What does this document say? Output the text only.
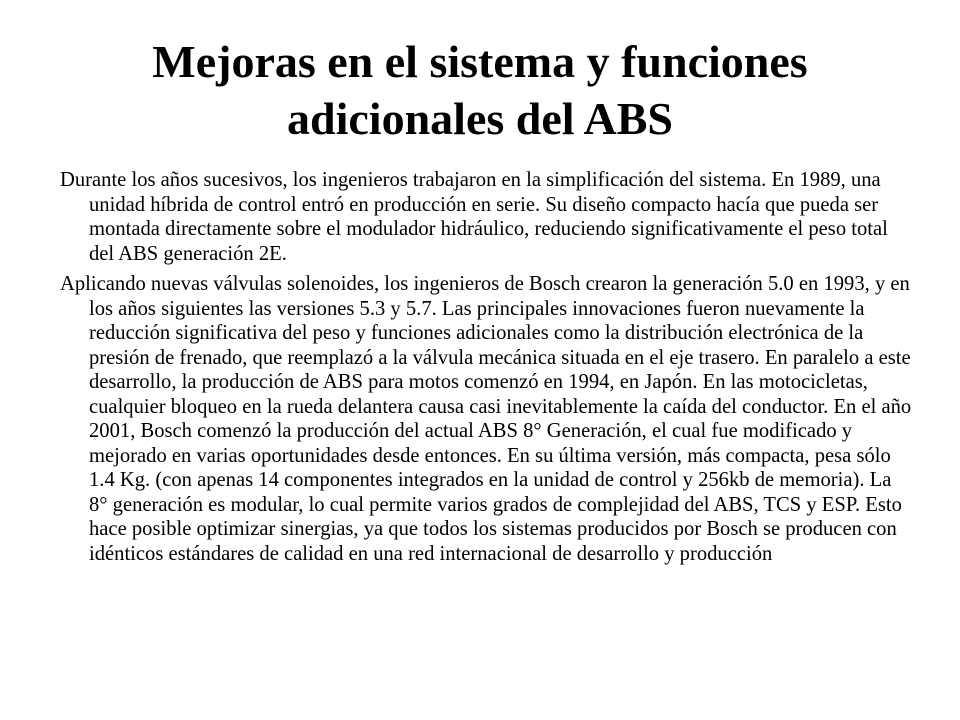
Mejoras en el sistema y funciones adicionales del ABS

Durante los años sucesivos, los ingenieros trabajaron en la simplificación del sistema. En 1989, una unidad híbrida de control entró en producción en serie. Su diseño compacto hacía que pueda ser montada directamente sobre el modulador hidráulico, reduciendo significativamente el peso total del ABS generación 2E.

Aplicando nuevas válvulas solenoides, los ingenieros de Bosch crearon la generación 5.0 en 1993, y en los años siguientes las versiones 5.3 y 5.7. Las principales innovaciones fueron nuevamente la reducción significativa del peso y funciones adicionales como la distribución electrónica de la presión de frenado, que reemplazó a la válvula mecánica situada en el eje trasero. En paralelo a este desarrollo, la producción de ABS para motos comenzó en 1994, en Japón. En las motocicletas, cualquier bloqueo en la rueda delantera causa casi inevitablemente la caída del conductor. En el año 2001, Bosch comenzó la producción del actual ABS 8° Generación, el cual fue modificado y mejorado en varias oportunidades desde entonces. En su última versión, más compacta, pesa sólo 1.4 Kg. (con apenas 14 componentes integrados en la unidad de control y 256kb de memoria). La 8° generación es modular, lo cual permite varios grados de complejidad del ABS, TCS y ESP. Esto hace posible optimizar sinergias, ya que todos los sistemas producidos por Bosch se producen con idénticos estándares de calidad en una red internacional de desarrollo y producción
